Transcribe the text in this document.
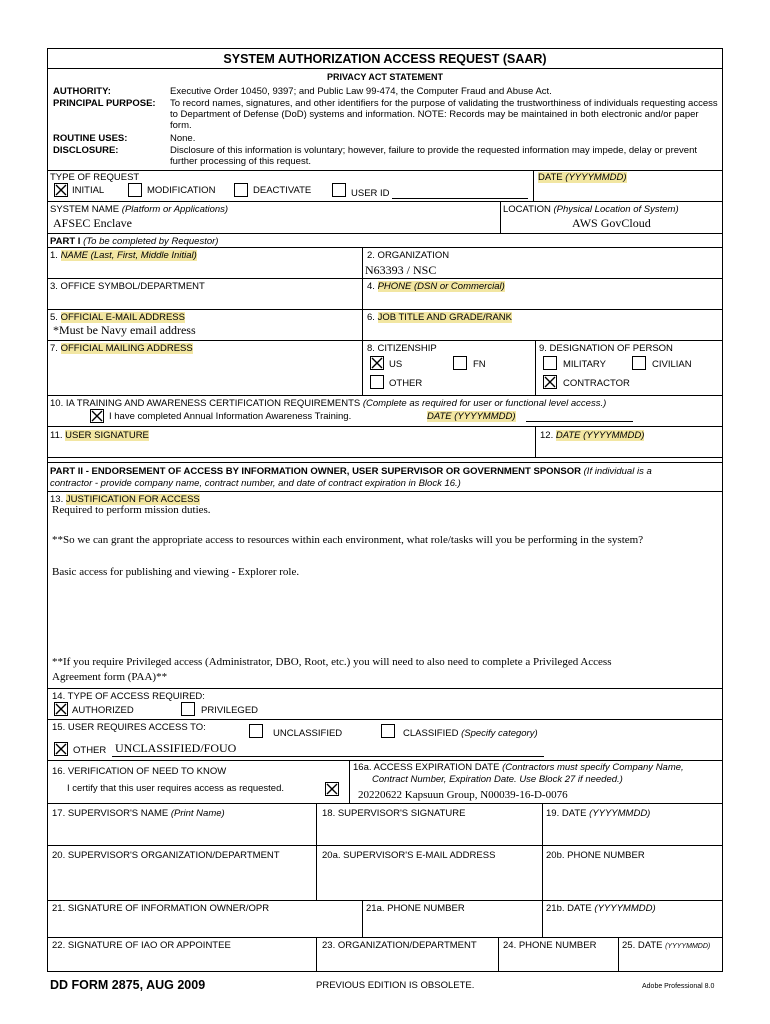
SYSTEM AUTHORIZATION ACCESS REQUEST (SAAR)
PRIVACY ACT STATEMENT
AUTHORITY:	Executive Order 10450, 9397; and Public Law 99-474, the Computer Fraud and Abuse Act.
PRINCIPAL PURPOSE: To record names, signatures, and other identifiers for the purpose of validating the trustworthiness of individuals requesting access to Department of Defense (DoD) systems and information. NOTE: Records may be maintained in both electronic and/or paper form.
ROUTINE USES:	None.
DISCLOSURE:	Disclosure of this information is voluntary; however, failure to provide the requested information may impede, delay or prevent further processing of this request.
TYPE OF REQUEST
INITIAL	MODIFICATION	DEACTIVATE	USER ID
DATE (YYYYMMDD)
SYSTEM NAME (Platform or Applications)
AFSEC Enclave
LOCATION (Physical Location of System)
AWS GovCloud
PART I (To be completed by Requestor)
1. NAME (Last, First, Middle Initial)	2. ORGANIZATION
N63393 / NSC
3. OFFICE SYMBOL/DEPARTMENT	4. PHONE (DSN or Commercial)
5. OFFICIAL E-MAIL ADDRESS
*Must be Navy email address
6. JOB TITLE AND GRADE/RANK
7. OFFICIAL MAILING ADDRESS	8. CITIZENSHIP
US	FN
OTHER
9. DESIGNATION OF PERSON
MILITARY	CIVILIAN
CONTRACTOR
10. IA TRAINING AND AWARENESS CERTIFICATION REQUIREMENTS (Complete as required for user or functional level access.)
I have completed Annual Information Awareness Training.	DATE (YYYYMMDD)
11. USER SIGNATURE	12. DATE (YYYYMMDD)
PART II - ENDORSEMENT OF ACCESS BY INFORMATION OWNER, USER SUPERVISOR OR GOVERNMENT SPONSOR (If individual is a
contractor - provide company name, contract number, and date of contract expiration in Block 16.)
13. JUSTIFICATION FOR ACCESS
Required to perform mission duties.
**So we can grant the appropriate access to resources within each environment, what role/tasks will you be performing in the system?
Basic access for publishing and viewing - Explorer role.
**If you require Privileged access (Administrator, DBO, Root, etc.) you will need to also need to complete a Privileged Access
Agreement form (PAA)**
14. TYPE OF ACCESS REQUIRED:
AUTHORIZED	PRIVILEGED
15. USER REQUIRES ACCESS TO:
UNCLASSIFIED	CLASSIFIED (Specify category)
OTHER UNCLASSIFIED/FOUO
16. VERIFICATION OF NEED TO KNOW
I certify that this user requires access as requested.
16a. ACCESS EXPIRATION DATE (Contractors must specify Company Name,
Contract Number, Expiration Date. Use Block 27 if needed.)
20220622 Kapsuun Group, N00039-16-D-0076
17. SUPERVISOR'S NAME (Print Name)	18. SUPERVISOR'S SIGNATURE	19. DATE (YYYYMMDD)
20. SUPERVISOR'S ORGANIZATION/DEPARTMENT	20a. SUPERVISOR'S E-MAIL ADDRESS	20b. PHONE NUMBER
21. SIGNATURE OF INFORMATION OWNER/OPR	21a. PHONE NUMBER	21b. DATE (YYYYMMDD)
22. SIGNATURE OF IAO OR APPOINTEE	23. ORGANIZATION/DEPARTMENT	24. PHONE NUMBER	25. DATE (YYYYMMDD)
DD FORM 2875, AUG 2009	PREVIOUS EDITION IS OBSOLETE.	Adobe Professional 8.0
